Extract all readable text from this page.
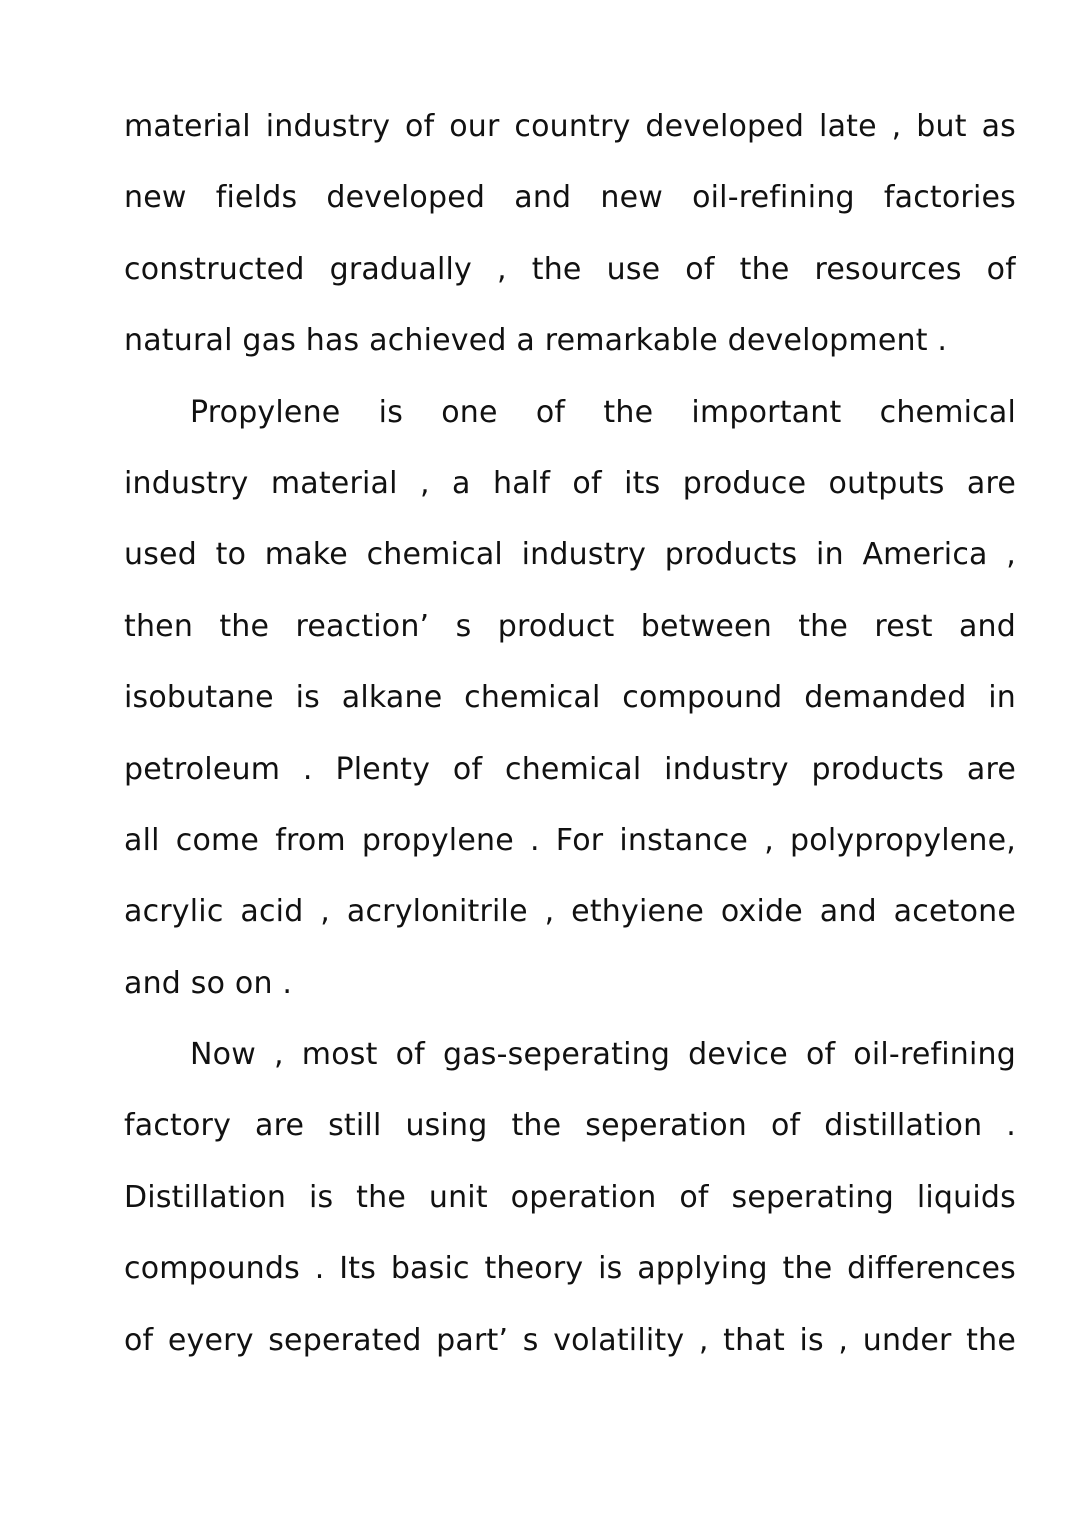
material industry of our country developed late , but as
new fields developed and new oil-refining factories
constructed gradually , the use of the resources of
natural gas has achieved a remarkable development .
Propylene is one of the important chemical
industry material , a half of its produce outputs are
used to make chemical industry products in America ,
then the reaction’ s product between the rest and
isobutane is alkane chemical compound demanded in
petroleum . Plenty of chemical industry products are
all come from propylene . For instance , polypropylene,
acrylic acid , acrylonitrile , ethyiene oxide and acetone
and so on .
Now , most of gas-seperating device of oil-refining
factory are still using the seperation of distillation .
Distillation is the unit operation of seperating liquids
compounds . Its basic theory is applying the differences
of eyery seperated part’ s volatility , that is , under the
